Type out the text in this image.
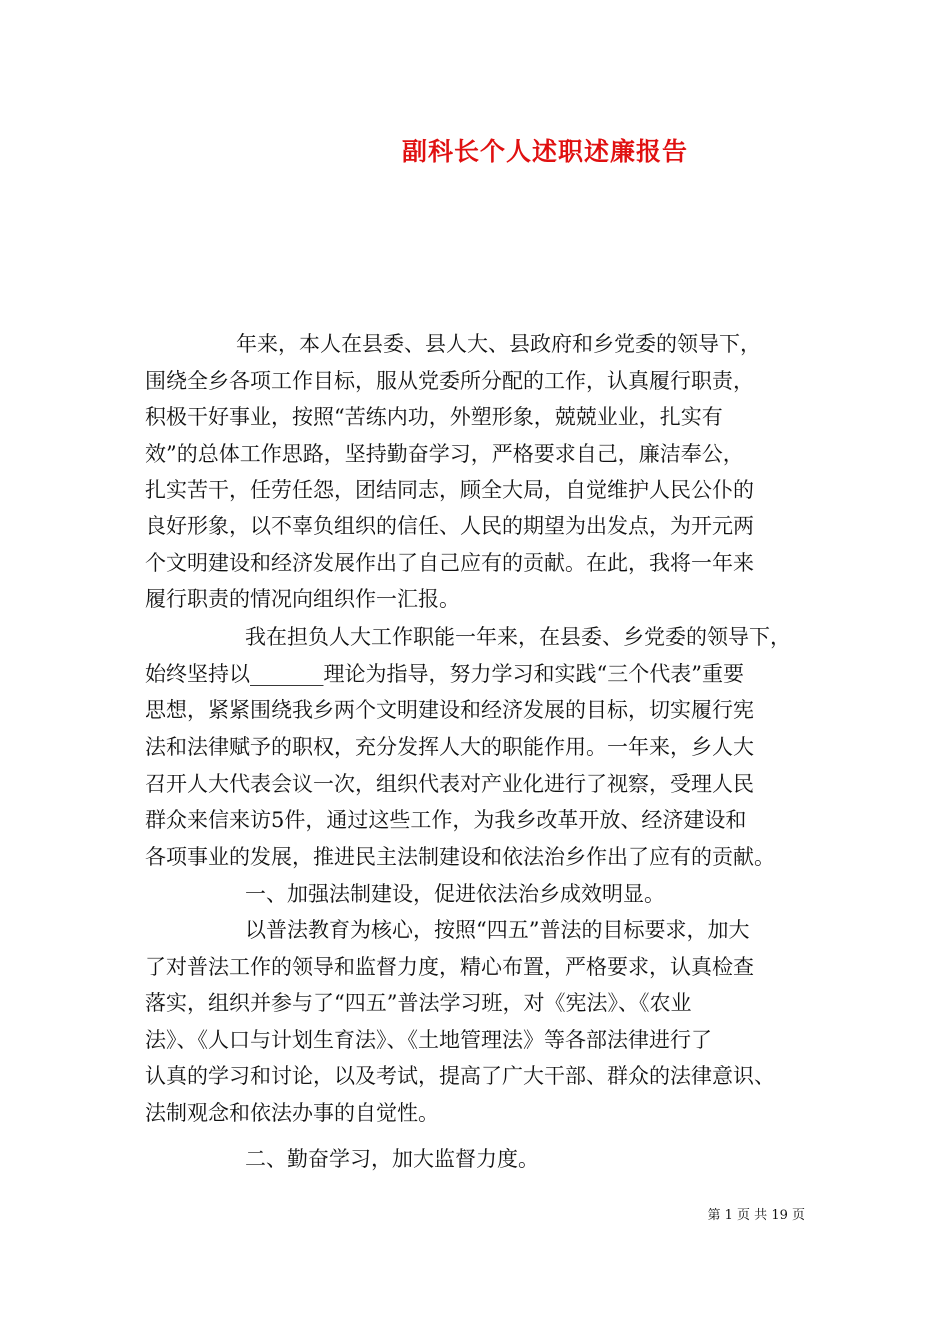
副科长个人述职述廉报告
年来，本人在县委、县人大、县政府和乡党委的领导下，
围绕全乡各项工作目标，服从党委所分配的工作，认真履行职责，
积极干好事业，按照“苦练内功，外塑形象，兢兢业业，扎实有
效”的总体工作思路，坚持勤奋学习，严格要求自己，廉洁奉公，
扎实苦干，任劳任怨，团结同志，顾全大局，自觉维护人民公仆的
良好形象，以不辜负组织的信任、人民的期望为出发点，为开元两
个文明建设和经济发展作出了自己应有的贡献。在此，我将一年来
履行职责的情况向组织作一汇报。
我在担负人大工作职能一年来，在县委、乡党委的领导下，
始终坚持以_______理论为指导，努力学习和实践“三个代表”重要
思想，紧紧围绕我乡两个文明建设和经济发展的目标，切实履行宪
法和法律赋予的职权，充分发挥人大的职能作用。一年来，乡人大
召开人大代表会议一次，组织代表对产业化进行了视察，受理人民
群众来信来访5件，通过这些工作，为我乡改革开放、经济建设和
各项事业的发展，推进民主法制建设和依法治乡作出了应有的贡献。
一、加强法制建设，促进依法治乡成效明显。
以普法教育为核心，按照“四五”普法的目标要求，加大
了对普法工作的领导和监督力度，精心布置，严格要求，认真检查
落实，组织并参与了“四五”普法学习班，对《宪法》、《农业
法》、《人口与计划生育法》、《土地管理法》等各部法律进行了
认真的学习和讨论，以及考试，提高了广大干部、群众的法律意识、
法制观念和依法办事的自觉性。
二、勤奋学习，加大监督力度。
第 1 页 共 19 页
